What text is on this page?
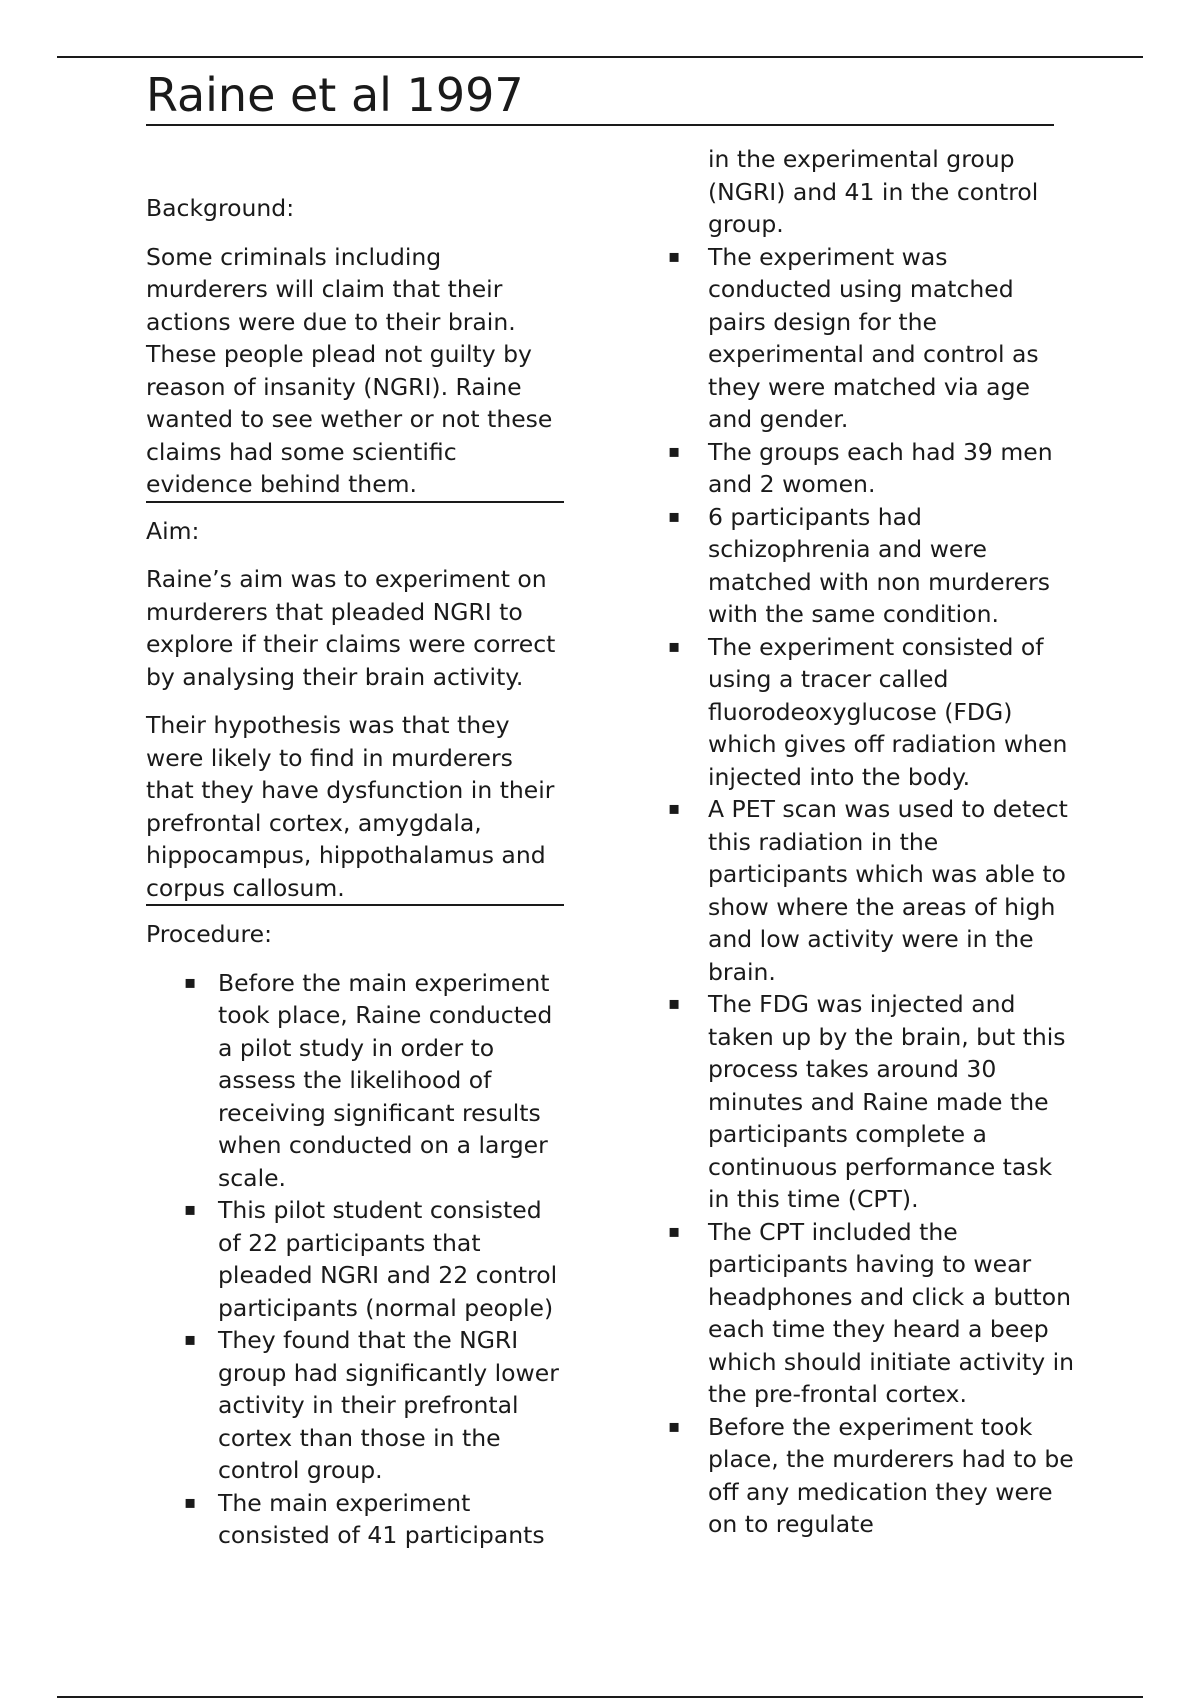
Raine et al 1997
Background:
Some criminals including murderers will claim that their actions were due to their brain. These people plead not guilty by reason of insanity (NGRI). Raine wanted to see wether or not these claims had some scientific evidence behind them.
Aim:
Raine’s aim was to experiment on murderers that pleaded NGRI to explore if their claims were correct by analysing their brain activity.
Their hypothesis was that they were likely to find in murderers that they have dysfunction in their prefrontal cortex, amygdala, hippocampus, hippothalamus and corpus callosum.
Procedure:
▪ Before the main experiment took place, Raine conducted a pilot study in order to assess the likelihood of receiving significant results when conducted on a larger scale.
▪ This pilot student consisted of 22 participants that pleaded NGRI and 22 control participants (normal people)
▪ They found that the NGRI group had significantly lower activity in their prefrontal cortex than those in the control group.
▪ The main experiment consisted of 41 participants
in the experimental group (NGRI) and 41 in the control group.
▪ The experiment was conducted using matched pairs design for the experimental and control as they were matched via age and gender.
▪ The groups each had 39 men and 2 women.
▪ 6 participants had schizophrenia and were matched with non murderers with the same condition.
▪ The experiment consisted of using a tracer called fluorodeoxyglucose (FDG) which gives off radiation when injected into the body.
▪ A PET scan was used to detect this radiation in the participants which was able to show where the areas of high and low activity were in the brain.
▪ The FDG was injected and taken up by the brain, but this process takes around 30 minutes and Raine made the participants complete a continuous performance task in this time (CPT).
▪ The CPT included the participants having to wear headphones and click a button each time they heard a beep which should initiate activity in the pre-frontal cortex.
▪ Before the experiment took place, the murderers had to be off any medication they were on to regulate
